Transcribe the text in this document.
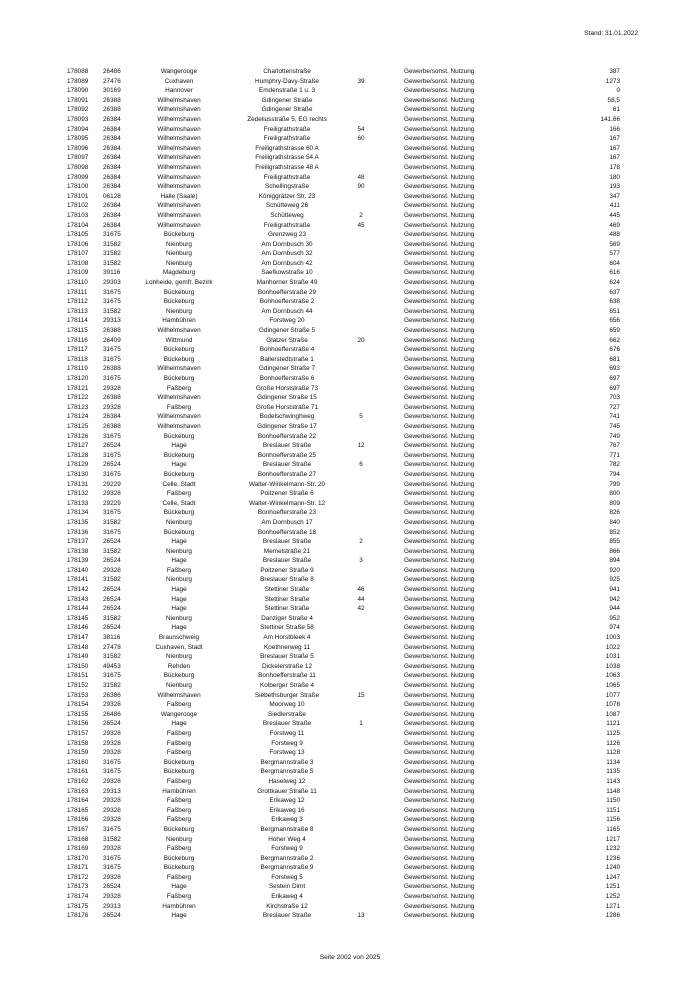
Stand: 31.01.2022
178088 26486	Wangerooge	Charlottenstraße	Gewerbe/sonst. Nutzung	387
178089 27476	Cuxhaven	Humphry-Davy-Straße	39	Gewerbe/sonst. Nutzung	1273
178090 30169	Hannover	Emdenstraße 1 u. 3	Gewerbe/sonst. Nutzung	0
178091 26388	Wilhelmshaven	Gdingener Straße	Gewerbe/sonst. Nutzung	58,5
178092 26388	Wilhelmshaven	Gdingener Straße	Gewerbe/sonst. Nutzung	61
178093 26384	Wilhelmshaven	Zedeliusstraße 5, EG rechts	Gewerbe/sonst. Nutzung	141,66
178094 26384	Wilhelmshaven	Freiligrathstraße	54	Gewerbe/sonst. Nutzung	166
178095 26384	Wilhelmshaven	Freiligrathstraße	60	Gewerbe/sonst. Nutzung	167
178096 26384	Wilhelmshaven	Freiligrathstrasse 60 A	Gewerbe/sonst. Nutzung	167
178097 26384	Wilhelmshaven	Freiligrathstrasse 54 A	Gewerbe/sonst. Nutzung	167
178098 26384	Wilhelmshaven	Freiligrathstrasse 48 A	Gewerbe/sonst. Nutzung	178
178099 26384	Wilhelmshaven	Freiligrathstraße	48	Gewerbe/sonst. Nutzung	180
178100 26384	Wilhelmshaven	Schellingstraße	90	Gewerbe/sonst. Nutzung	193
178101 06128	Halle (Saale)	Königgrätzer Str. 23	Gewerbe/sonst. Nutzung	347
178102 26384	Wilhelmshaven	Schütteweg 26	Gewerbe/sonst. Nutzung	411
178103 26384	Wilhelmshaven	Schütteweg	2	Gewerbe/sonst. Nutzung	445
178104 26384	Wilhelmshaven	Freiligrathstraße	45	Gewerbe/sonst. Nutzung	469
178105 31675	Bückeburg	Grenzweg 23	Gewerbe/sonst. Nutzung	488
178106 31582	Nienburg	Am Dornbusch 30	Gewerbe/sonst. Nutzung	569
178107 31582	Nienburg	Am Dornbusch 32	Gewerbe/sonst. Nutzung	577
178108 31582	Nienburg	Am Dornbusch 42	Gewerbe/sonst. Nutzung	604
178109 39116	Magdeburg	Saefkowstraße 10	Gewerbe/sonst. Nutzung	616
178110 29303	Lohheide, gemfr. Bezirk	Manhorner Straße 49	Gewerbe/sonst. Nutzung	624
178111 31675	Bückeburg	Bonhoefferstraße 29	Gewerbe/sonst. Nutzung	637
178112 31675	Bückeburg	Bonhoefferstraße 2	Gewerbe/sonst. Nutzung	638
178113 31582	Nienburg	Am Dornbusch 44	Gewerbe/sonst. Nutzung	651
178114 29313	Hambühren	Forstweg 20	Gewerbe/sonst. Nutzung	656
178115 26388	Wilhelmshaven	Gdingener Straße 5	Gewerbe/sonst. Nutzung	659
178116 26409	Wittmund	Glatzer Straße	20	Gewerbe/sonst. Nutzung	662
178117 31675	Bückeburg	Bonhoefferstraße 4	Gewerbe/sonst. Nutzung	676
178118 31675	Bückeburg	Ballerstedtstraße 1	Gewerbe/sonst. Nutzung	681
178119 26388	Wilhelmshaven	Gdingener Straße 7	Gewerbe/sonst. Nutzung	693
178120 31675	Bückeburg	Bonhoefferstraße 6	Gewerbe/sonst. Nutzung	697
178121 29328	Faßberg	Große Horststraße 73	Gewerbe/sonst. Nutzung	697
178122 26388	Wilhelmshaven	Gdingener Straße 15	Gewerbe/sonst. Nutzung	703
178123 29328	Faßberg	Große Horststraße 71	Gewerbe/sonst. Nutzung	727
178124 26384	Wilhelmshaven	Bodelschwinghweg	5	Gewerbe/sonst. Nutzung	741
178125 26388	Wilhelmshaven	Gdingener Straße 17	Gewerbe/sonst. Nutzung	745
178126 31675	Bückeburg	Bonhoefferstraße 22	Gewerbe/sonst. Nutzung	749
178127 26524	Hage	Breslauer Straße	12	Gewerbe/sonst. Nutzung	767
178128 31675	Bückeburg	Bonhoefferstraße 25	Gewerbe/sonst. Nutzung	771
178129 26524	Hage	Breslauer Straße	6	Gewerbe/sonst. Nutzung	782
178130 31675	Bückeburg	Bonhoefferstraße 27	Gewerbe/sonst. Nutzung	794
178131 29229	Celle, Stadt	Walter-Winkelmann-Str. 20	Gewerbe/sonst. Nutzung	799
178132 29328	Faßberg	Poitzener Straße 6	Gewerbe/sonst. Nutzung	800
178133 29229	Celle, Stadt	Walter-Winkelmann-Str. 12	Gewerbe/sonst. Nutzung	809
178134 31675	Bückeburg	Bonhoefferstraße 23	Gewerbe/sonst. Nutzung	826
178135 31582	Nienburg	Am Dornbusch 17	Gewerbe/sonst. Nutzung	840
178136 31675	Bückeburg	Bonhoefferstraße 18	Gewerbe/sonst. Nutzung	852
178137 26524	Hage	Breslauer Straße	2	Gewerbe/sonst. Nutzung	855
178138 31582	Nienburg	Memelstraße 21	Gewerbe/sonst. Nutzung	866
178139 26524	Hage	Breslauer Straße	3	Gewerbe/sonst. Nutzung	894
178140 29328	Faßberg	Poitzener Straße 9	Gewerbe/sonst. Nutzung	920
178141 31582	Nienburg	Breslauer Straße 8	Gewerbe/sonst. Nutzung	925
178142 26524	Hage	Stettiner Straße	46	Gewerbe/sonst. Nutzung	941
178143 26524	Hage	Stettiner Straße	44	Gewerbe/sonst. Nutzung	942
178144 26524	Hage	Stettiner Straße	42	Gewerbe/sonst. Nutzung	944
178145 31582	Nienburg	Danziger Straße 4	Gewerbe/sonst. Nutzung	952
178146 26524	Hage	Stettiner Straße 58	Gewerbe/sonst. Nutzung	974
178147 38116	Braunschweig	Am Horstbleek 4	Gewerbe/sonst. Nutzung	1003
178148 27478	Cuxhaven, Stadt	Koethnerweg 11	Gewerbe/sonst. Nutzung	1022
178149 31582	Nienburg	Breslauer Straße 5	Gewerbe/sonst. Nutzung	1031
178150 49453	Rehden	Dickelerstraße 12	Gewerbe/sonst. Nutzung	1038
178151 31675	Bückeburg	Bonhoefferstraße 11	Gewerbe/sonst. Nutzung	1063
178152 31582	Nienburg	Kolberger Straße 4	Gewerbe/sonst. Nutzung	1065
178153 26386	Wilhelmshaven	Siebethsburger Straße	15	Gewerbe/sonst. Nutzung	1077
178154 29328	Faßberg	Moorweg 10	Gewerbe/sonst. Nutzung	1078
178155 26486	Wangerooge	Siedlerstraße	Gewerbe/sonst. Nutzung	1087
178156 26524	Hage	Breslauer Straße	1	Gewerbe/sonst. Nutzung	1121
178157 29328	Faßberg	Forstweg 11	Gewerbe/sonst. Nutzung	1125
178158 29328	Faßberg	Forstweg 9	Gewerbe/sonst. Nutzung	1126
178159 29328	Faßberg	Forstweg 13	Gewerbe/sonst. Nutzung	1128
178160 31675	Bückeburg	Bergmannstraße 3	Gewerbe/sonst. Nutzung	1134
178161 31675	Bückeburg	Bergmannstraße 5	Gewerbe/sonst. Nutzung	1135
178162 29328	Faßberg	Haselweg 12	Gewerbe/sonst. Nutzung	1143
178163 29313	Hambühren	Grottkauer Straße 11	Gewerbe/sonst. Nutzung	1148
178164 29328	Faßberg	Erikaweg 12	Gewerbe/sonst. Nutzung	1150
178165 29328	Faßberg	Erikaweg 16	Gewerbe/sonst. Nutzung	1151
178166 29328	Faßberg	Erikaweg 3	Gewerbe/sonst. Nutzung	1156
178167 31675	Bückeburg	Bergmannstraße 8	Gewerbe/sonst. Nutzung	1165
178168 31582	Nienburg	Hoher Weg 4	Gewerbe/sonst. Nutzung	1217
178169 29328	Faßberg	Forstweg 9	Gewerbe/sonst. Nutzung	1232
178170 31675	Bückeburg	Bergmannstraße 2	Gewerbe/sonst. Nutzung	1236
178171 31675	Bückeburg	Bergmannstraße 9	Gewerbe/sonst. Nutzung	1240
178172 29328	Faßberg	Forstweg 5	Gewerbe/sonst. Nutzung	1247
178173 26524	Hage	Sestein Dimt	Gewerbe/sonst. Nutzung	1251
178174 29328	Faßberg	Erikaweg 4	Gewerbe/sonst. Nutzung	1252
178175 29313	Hambühren	Kirchstraße 12	Gewerbe/sonst. Nutzung	1271
178176 26524	Hage	Breslauer Straße	13	Gewerbe/sonst. Nutzung	1286
Seite 2002 von 2025
